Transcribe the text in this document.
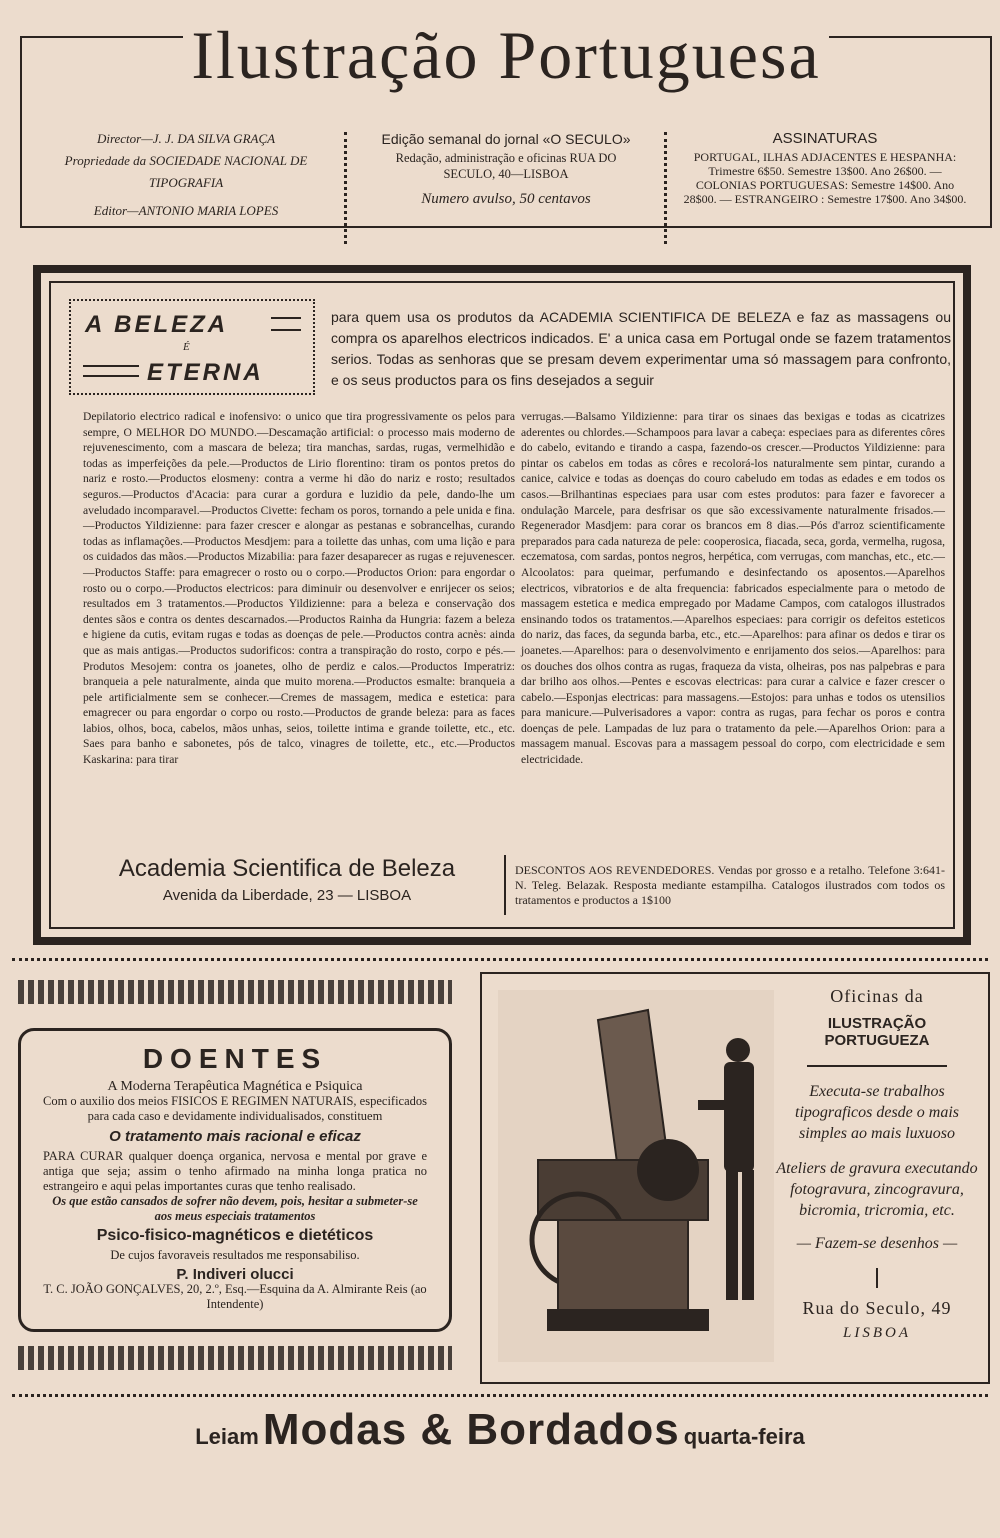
Ilustração Portuguesa
Director—J. J. DA SILVA GRAÇA
Propriedade da SOCIEDADE NACIONAL DE TIPOGRAFIA
Editor—ANTONIO MARIA LOPES
Edição semanal do jornal «O SECULO»
Redação, administração e oficinas RUA DO SECULO, 40—LISBOA
Numero avulso, 50 centavos
ASSINATURAS
PORTUGAL, ILHAS ADJACENTES E HESPANHA: Trimestre 6$50. Semestre 13$00. Ano 26$00. — COLONIAS PORTUGUESAS: Semestre 14$00. Ano 28$00. — ESTRANGEIRO : Semestre 17$00. Ano 34$00.
A BELEZA
É
ETERNA
para quem usa os produtos da ACADEMIA SCIENTIFICA DE BELEZA e faz as massagens ou compra os aparelhos electricos indicados. E' a unica casa em Portugal onde se fazem tratamentos serios. Todas as senhoras que se presam devem experimentar uma só massagem para confronto, e os seus productos para os fins desejados a seguir
Depilatorio electrico radical e inofensivo: o unico que tira progressivamente os pelos para sempre, O MELHOR DO MUNDO.—Descamação artificial: o processo mais moderno de rejuvenescimento, com a mascara de beleza; tira manchas, sardas, rugas, vermelhidão e todas as imperfeições da pele.—Productos de Lirio florentino: tiram os pontos pretos do nariz e rosto.—Productos elosmeny: contra a verme hi dão do nariz e rosto; resultados seguros.—Productos d'Acacia: para curar a gordura e luzidio da pele, dando-lhe um aveludado incomparavel.—Productos Civette: fecham os poros, tornando a pele unida e fina.—Productos Yildizienne: para fazer crescer e alongar as pestanas e sobrancelhas, curando todas as inflamações.—Productos Mesdjem: para a toilette das unhas, com uma lição e para os cuidados das mãos.—Productos Mizabilia: para fazer desaparecer as rugas e rejuvenescer.—Productos Staffe: para emagrecer o rosto ou o corpo.—Productos Orion: para engordar o rosto ou o corpo.—Productos electricos: para diminuir ou desenvolver e enrijecer os seios; resultados em 3 tratamentos.—Productos Yildizienne: para a beleza e conservação dos dentes sãos e contra os dentes descarnados.—Productos Rainha da Hungria: fazem a beleza e higiene da cutis, evitam rugas e todas as doenças de pele.—Productos contra acnès: ainda que as mais antigas.—Productos sudorificos: contra a transpiração do rosto, corpo e pés.—Produtos Mesojem: contra os joanetes, olho de perdiz e calos.—Productos Imperatriz: branqueia a pele naturalmente, ainda que muito morena.—Productos esmalte: branqueia a pele artificialmente sem se conhecer.—Cremes de massagem, medica e estetica: para emagrecer ou para engordar o corpo ou rosto.—Productos de grande beleza: para as faces labios, olhos, boca, cabelos, mãos unhas, seios, toilette intima e grande toilette, etc., etc. Saes para banho e sabonetes, pós de talco, vinagres de toilette, etc., etc.—Productos Kaskarina: para tirar
verrugas.—Balsamo Yildizienne: para tirar os sinaes das bexigas e todas as cicatrizes aderentes ou chlordes.—Schampoos para lavar a cabeça: especiaes para as diferentes côres do cabelo, evitando e tirando a caspa, fazendo-os crescer.—Productos Yildizienne: para pintar os cabelos em todas as côres e recolorá-los naturalmente sem pintar, curando a canice, calvice e todas as doenças do couro cabeludo em todas as edades e em todos os casos.—Brilhantinas especiaes para usar com estes produtos: para fazer e favorecer a ondulação Marcele, para desfrisar os que são excessivamente naturalmente frisados.—Regenerador Masdjem: para corar os brancos em 8 dias.—Pós d'arroz scientificamente preparados para cada natureza de pele: cooperosica, fiacada, seca, gorda, vermelha, rugosa, eczematosa, com sardas, pontos negros, herpética, com verrugas, com manchas, etc., etc.—Alcoolatos: para queimar, perfumando e desinfectando os aposentos.—Aparelhos electricos, vibratorios e de alta frequencia: fabricados especialmente para o metodo de massagem estetica e medica empregado por Madame Campos, com catalogos illustrados ensinando todos os tratamentos.—Aparelhos especiaes: para corrigir os defeitos esteticos do nariz, das faces, da segunda barba, etc., etc.—Aparelhos: para afinar os dedos e tirar os joanetes.—Aparelhos: para o desenvolvimento e enrijamento dos seios.—Aparelhos: para os douches dos olhos contra as rugas, fraqueza da vista, olheiras, pos nas palpebras e para dar brilho aos olhos.—Pentes e escovas electricas: para curar a calvice e fazer crescer o cabelo.—Esponjas electricas: para massagens.—Estojos: para unhas e todos os utensilios para manicure.—Pulverisadores a vapor: contra as rugas, para fechar os poros e contra doenças de pele. Lampadas de luz para o tratamento da pele.—Aparelhos Orion: para a massagem manual. Escovas para a massagem pessoal do corpo, com electricidade e sem electricidade.
Academia Scientifica de Beleza
Avenida da Liberdade, 23 — LISBOA
DESCONTOS AOS REVENDEDORES. Vendas por grosso e a retalho. Telefone 3:641-N. Teleg. Belazak. Resposta mediante estampilha. Catalogos ilustrados com todos os tratamentos e productos a 1$100
DOENTES
A Moderna Terapêutica Magnética e Psiquica
Com o auxilio dos meios FISICOS E REGIMEN NATURAIS, especificados para cada caso e devidamente individualisados, constituem
O tratamento mais racional e eficaz
PARA CURAR qualquer doença organica, nervosa e mental por grave e antiga que seja; assim o tenho afirmado na minha longa pratica no estrangeiro e aqui pelas importantes curas que tenho realisado.
Os que estão cansados de sofrer não devem, pois, hesitar a submeter-se aos meus especiais tratamentos
Psico-fisico-magnéticos e dietéticos
De cujos favoraveis resultados me responsabiliso.
P. Indiveri olucci
T. C. JOÃO GONÇALVES, 20, 2.º, Esq.—Esquina da A. Almirante Reis (ao Intendente)
Oficinas da
ILUSTRAÇÃO PORTUGUEZA
Executa-se trabalhos tipograficos desde o mais simples ao mais luxuoso
Ateliers de gravura executando fotogravura, zincogravura, bicromia, tricromia, etc.
— Fazem-se desenhos —
Rua do Seculo, 49
LISBOA
Leiam Modas & Bordados quarta-feira
